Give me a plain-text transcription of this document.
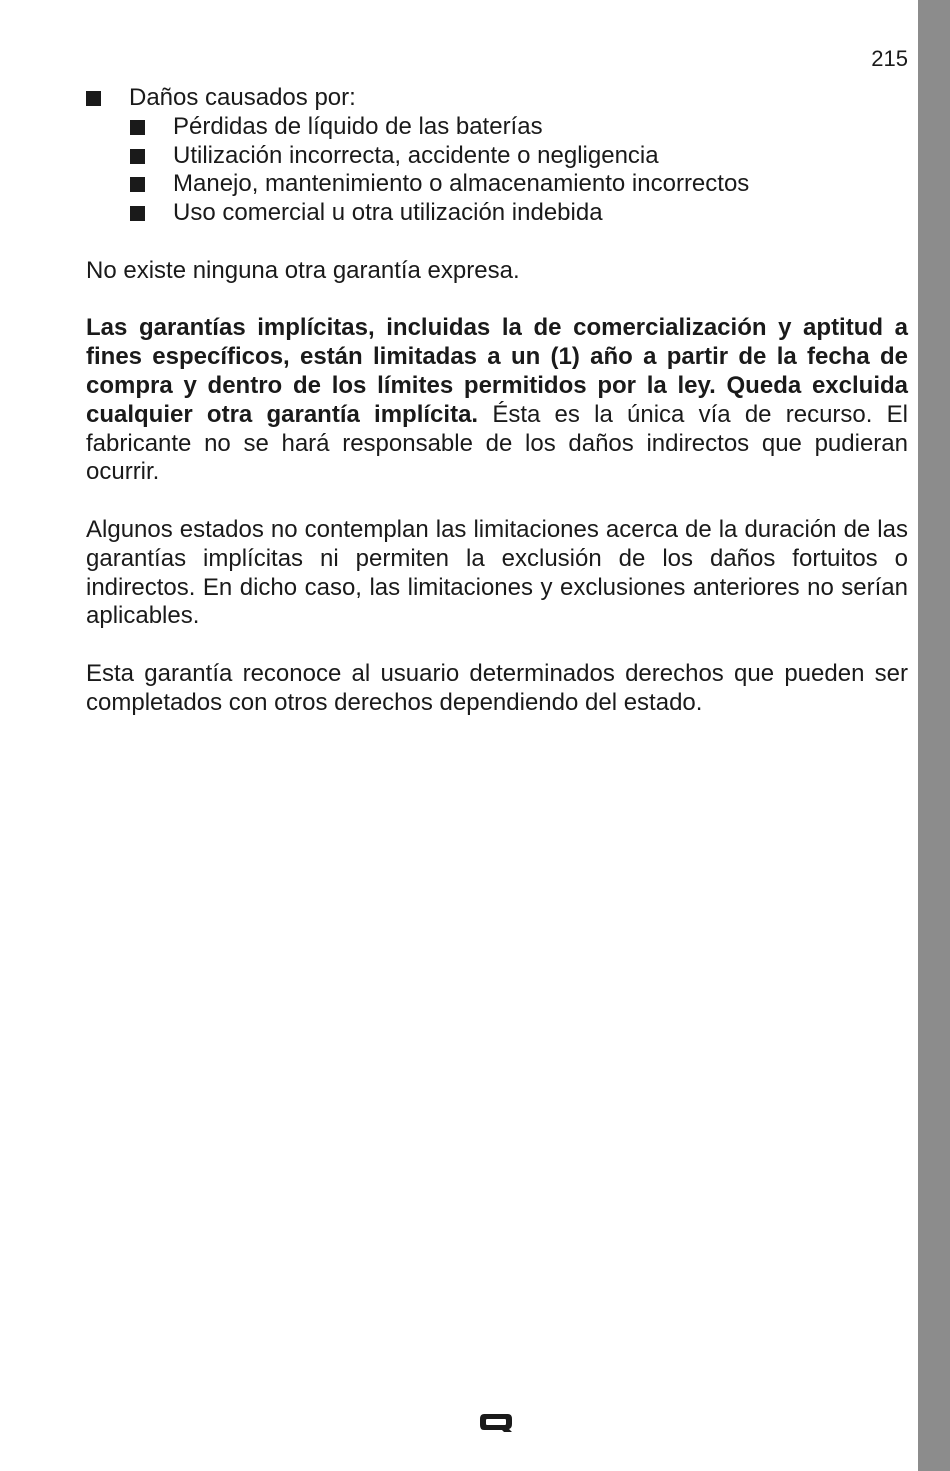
215
Daños causados por:
Pérdidas de líquido de las baterías
Utilización incorrecta, accidente o negligencia
Manejo, mantenimiento o almacenamiento incorrectos
Uso comercial u otra utilización indebida

No existe ninguna otra garantía expresa.

Las garantías implícitas, incluidas la de comercialización y aptitud a fines específicos, están limitadas a un (1) año a partir de la fecha de compra y dentro de los límites permitidos por la ley. Queda excluida cualquier otra garantía implícita. Ésta es la única vía de recurso. El fabricante no se hará responsable de los daños indirectos que pudieran ocurrir.

Algunos estados no contemplan las limitaciones acerca de la duración de las garantías implícitas ni permiten la exclusión de los daños fortuitos o indirectos. En dicho caso, las limitaciones y exclusiones anteriores no serían aplicables.

Esta garantía reconoce al usuario determinados derechos que pueden ser completados con otros derechos dependiendo del estado.
